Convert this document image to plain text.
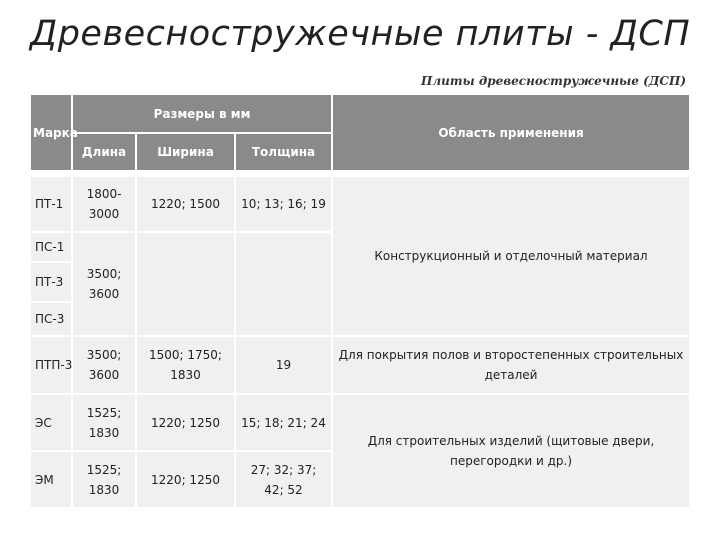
Древесностружечные плиты - ДСП
Плиты древесностружечные (ДСП)
Марка	Размеры в мм			Область применения
	Длина	Ширина	Толщина	

ПТ-1	1800-3000	1220; 1500	10; 13; 16; 19	Конструкционный и отделочный материал
ПС-1	3500; 3600			
ПТ-3				
ПС-3				
ПТП-3	3500; 3600	1500; 1750; 1830	19	Для покрытия полов и второстепенных строительных деталей
ЭС	1525; 1830	1220; 1250	15; 18; 21; 24	Для строительных изделий (щитовые двери, перегородки и др.)
ЭМ	1525; 1830	1220; 1250	27; 32; 37; 42; 52	
